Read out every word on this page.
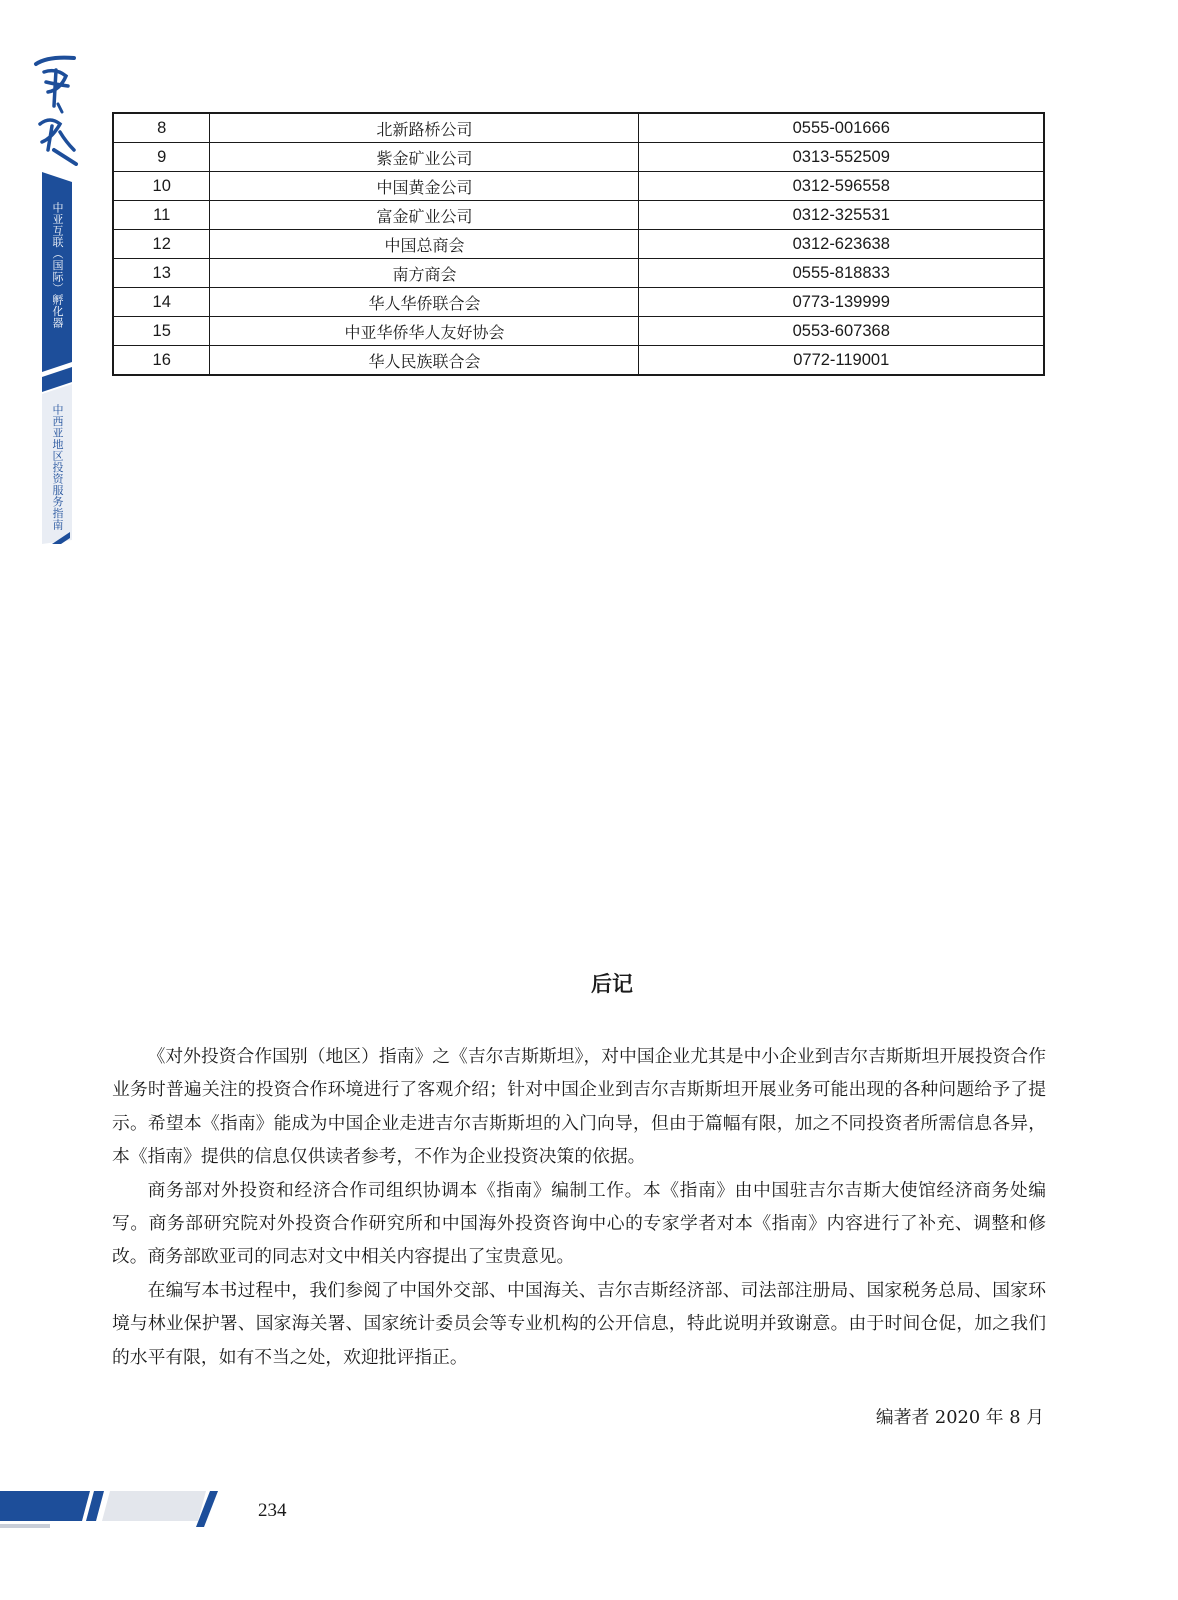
中亚互联（国际）孵化器
中西亚地区投资服务指南
8	北新路桥公司	0555-001666
9	紫金矿业公司	0313-552509
10	中国黄金公司	0312-596558
11	富金矿业公司	0312-325531
12	中国总商会	0312-623638
13	南方商会	0555-818833
14	华人华侨联合会	0773-139999
15	中亚华侨华人友好协会	0553-607368
16	华人民族联合会	0772-119001
后记

《对外投资合作国别（地区）指南》之《吉尔吉斯斯坦》，对中国企业尤其是中小企业到吉尔吉斯斯坦开展投资合作业务时普遍关注的投资合作环境进行了客观介绍；针对中国企业到吉尔吉斯斯坦开展业务可能出现的各种问题给予了提示。希望本《指南》能成为中国企业走进吉尔吉斯斯坦的入门向导，但由于篇幅有限，加之不同投资者所需信息各异，本《指南》提供的信息仅供读者参考，不作为企业投资决策的依据。

商务部对外投资和经济合作司组织协调本《指南》编制工作。本《指南》由中国驻吉尔吉斯大使馆经济商务处编写。商务部研究院对外投资合作研究所和中国海外投资咨询中心的专家学者对本《指南》内容进行了补充、调整和修改。商务部欧亚司的同志对文中相关内容提出了宝贵意见。

在编写本书过程中，我们参阅了中国外交部、中国海关、吉尔吉斯经济部、司法部注册局、国家税务总局、国家环境与林业保护署、国家海关署、国家统计委员会等专业机构的公开信息，特此说明并致谢意。由于时间仓促，加之我们的水平有限，如有不当之处，欢迎批评指正。

编著者 2020 年 8 月
234
